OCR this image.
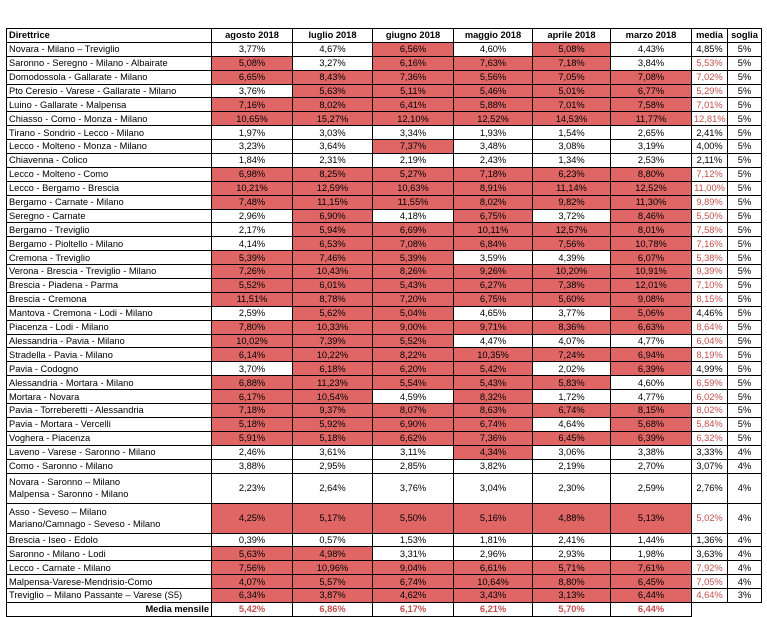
Direttrice	agosto 2018	luglio 2018	giugno 2018	maggio 2018	aprile 2018	marzo 2018	media	soglia
Novara - Milano – Treviglio	3,77%	4,67%	6,56%	4,60%	5,08%	4,43%	4,85%	5%
Saronno - Seregno - Milano - Albairate	5,08%	3,27%	6,16%	7,63%	7,18%	3,84%	5,53%	5%
Domodossola - Gallarate - Milano	6,65%	8,43%	7,36%	5,56%	7,05%	7,08%	7,02%	5%
Pto Ceresio - Varese - Gallarate - Milano	3,76%	5,63%	5,11%	5,46%	5,01%	6,77%	5,29%	5%
Luino - Gallarate - Malpensa	7,16%	8,02%	6,41%	5,88%	7,01%	7,58%	7,01%	5%
Chiasso - Como - Monza - Milano	10,65%	15,27%	12,10%	12,52%	14,53%	11,77%	12,81%	5%
Tirano - Sondrio - Lecco - Milano	1,97%	3,03%	3,34%	1,93%	1,54%	2,65%	2,41%	5%
Lecco - Molteno - Monza - Milano	3,23%	3,64%	7,37%	3,48%	3,08%	3,19%	4,00%	5%
Chiavenna - Colico	1,84%	2,31%	2,19%	2,43%	1,34%	2,53%	2,11%	5%
Lecco - Molteno - Como	6,98%	8,25%	5,27%	7,18%	6,23%	8,80%	7,12%	5%
Lecco - Bergamo - Brescia	10,21%	12,59%	10,63%	8,91%	11,14%	12,52%	11,00%	5%
Bergamo - Carnate - Milano	7,48%	11,15%	11,55%	8,02%	9,82%	11,30%	9,89%	5%
Seregno - Carnate	2,96%	6,90%	4,18%	6,75%	3,72%	8,46%	5,50%	5%
Bergamo - Treviglio	2,17%	5,94%	6,69%	10,11%	12,57%	8,01%	7,58%	5%
Bergamo - Pioltello - Milano	4,14%	6,53%	7,08%	6,84%	7,56%	10,78%	7,16%	5%
Cremona - Treviglio	5,39%	7,46%	5,39%	3,59%	4,39%	6,07%	5,38%	5%
Verona - Brescia - Treviglio - Milano	7,26%	10,43%	8,26%	9,26%	10,20%	10,91%	9,39%	5%
Brescia - Piadena - Parma	5,52%	6,01%	5,43%	6,27%	7,38%	12,01%	7,10%	5%
Brescia - Cremona	11,51%	8,78%	7,20%	6,75%	5,60%	9,08%	8,15%	5%
Mantova - Cremona - Lodi - Milano	2,59%	5,62%	5,04%	4,65%	3,77%	5,06%	4,46%	5%
Piacenza - Lodi - Milano	7,80%	10,33%	9,00%	9,71%	8,36%	6,63%	8,64%	5%
Alessandria - Pavia - Milano	10,02%	7,39%	5,52%	4,47%	4,07%	4,77%	6,04%	5%
Stradella - Pavia - Milano	6,14%	10,22%	8,22%	10,35%	7,24%	6,94%	8,19%	5%
Pavia - Codogno	3,70%	6,18%	6,20%	5,42%	2,02%	6,39%	4,99%	5%
Alessandria - Mortara - Milano	6,88%	11,23%	5,54%	5,43%	5,83%	4,60%	6,59%	5%
Mortara - Novara	6,17%	10,54%	4,59%	8,32%	1,72%	4,77%	6,02%	5%
Pavia - Torreberetti - Alessandria	7,18%	9,37%	8,07%	8,63%	6,74%	8,15%	8,02%	5%
Pavia - Mortara - Vercelli	5,18%	5,92%	6,90%	6,74%	4,64%	5,68%	5,84%	5%
Voghera - Piacenza	5,91%	5,18%	6,62%	7,36%	6,45%	6,39%	6,32%	5%
Laveno - Varese - Saronno - Milano	2,46%	3,61%	3,11%	4,34%	3,06%	3,38%	3,33%	4%
Como - Saronno - Milano	3,88%	2,95%	2,85%	3,82%	2,19%	2,70%	3,07%	4%
Novara - Saronno – Milano
Malpensa - Saronno - Milano	2,23%	2,64%	3,76%	3,04%	2,30%	2,59%	2,76%	4%
Asso - Seveso – Milano
Mariano/Camnago - Seveso - Milano	4,25%	5,17%	5,50%	5,16%	4,88%	5,13%	5,02%	4%
Brescia - Iseo - Edolo	0,39%	0,57%	1,53%	1,81%	2,41%	1,44%	1,36%	4%
Saronno - Milano - Lodi	5,63%	4,98%	3,31%	2,96%	2,93%	1,98%	3,63%	4%
Lecco - Carnate - Milano	7,56%	10,96%	9,04%	6,61%	5,71%	7,61%	7,92%	4%
Malpensa-Varese-Mendrisio-Como	4,07%	5,57%	6,74%	10,64%	8,80%	6,45%	7,05%	4%
Treviglio – Milano Passante – Varese (S5)	6,34%	3,87%	4,62%	3,43%	3,13%	6,44%	4,64%	3%
Media mensile	5,42%	6,86%	6,17%	6,21%	5,70%	6,44%		
